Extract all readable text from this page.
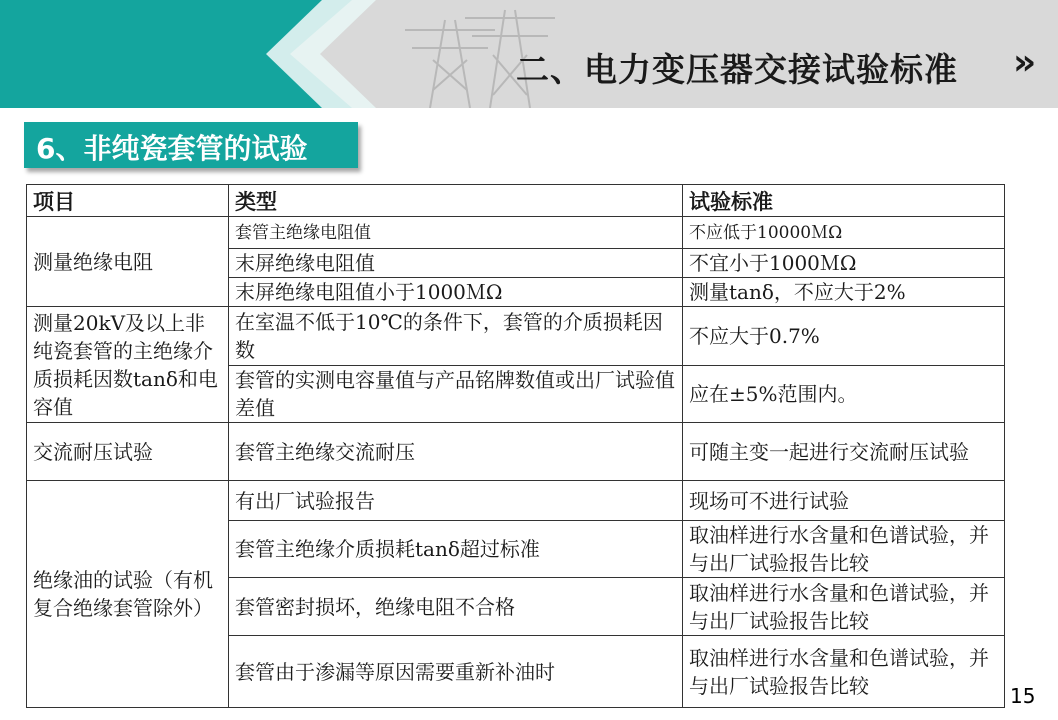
二、电力变压器交接试验标准 »
6、非纯瓷套管的试验
项目	类型	试验标准
测量绝缘电阻	套管主绝缘电阻值	不应低于10000ＭΩ
	末屏绝缘电阻值	不宜小于1000ＭΩ
	末屏绝缘电阻值小于1000ＭΩ	测量tanδ，不应大于2%
测量20kV及以上非纯瓷套管的主绝缘介质损耗因数tanδ和电容值	在室温不低于10℃的条件下，套管的介质损耗因数	不应大于0.7%
	套管的实测电容量值与产品铭牌数值或出厂试验值差值	应在±5%范围内。
交流耐压试验	套管主绝缘交流耐压	可随主变一起进行交流耐压试验
绝缘油的试验（有机复合绝缘套管除外）	有出厂试验报告	现场可不进行试验
	套管主绝缘介质损耗tanδ超过标准	取油样进行水含量和色谱试验，并与出厂试验报告比较
	套管密封损坏，绝缘电阻不合格	取油样进行水含量和色谱试验，并与出厂试验报告比较
	套管由于渗漏等原因需要重新补油时	取油样进行水含量和色谱试验，并与出厂试验报告比较	15
